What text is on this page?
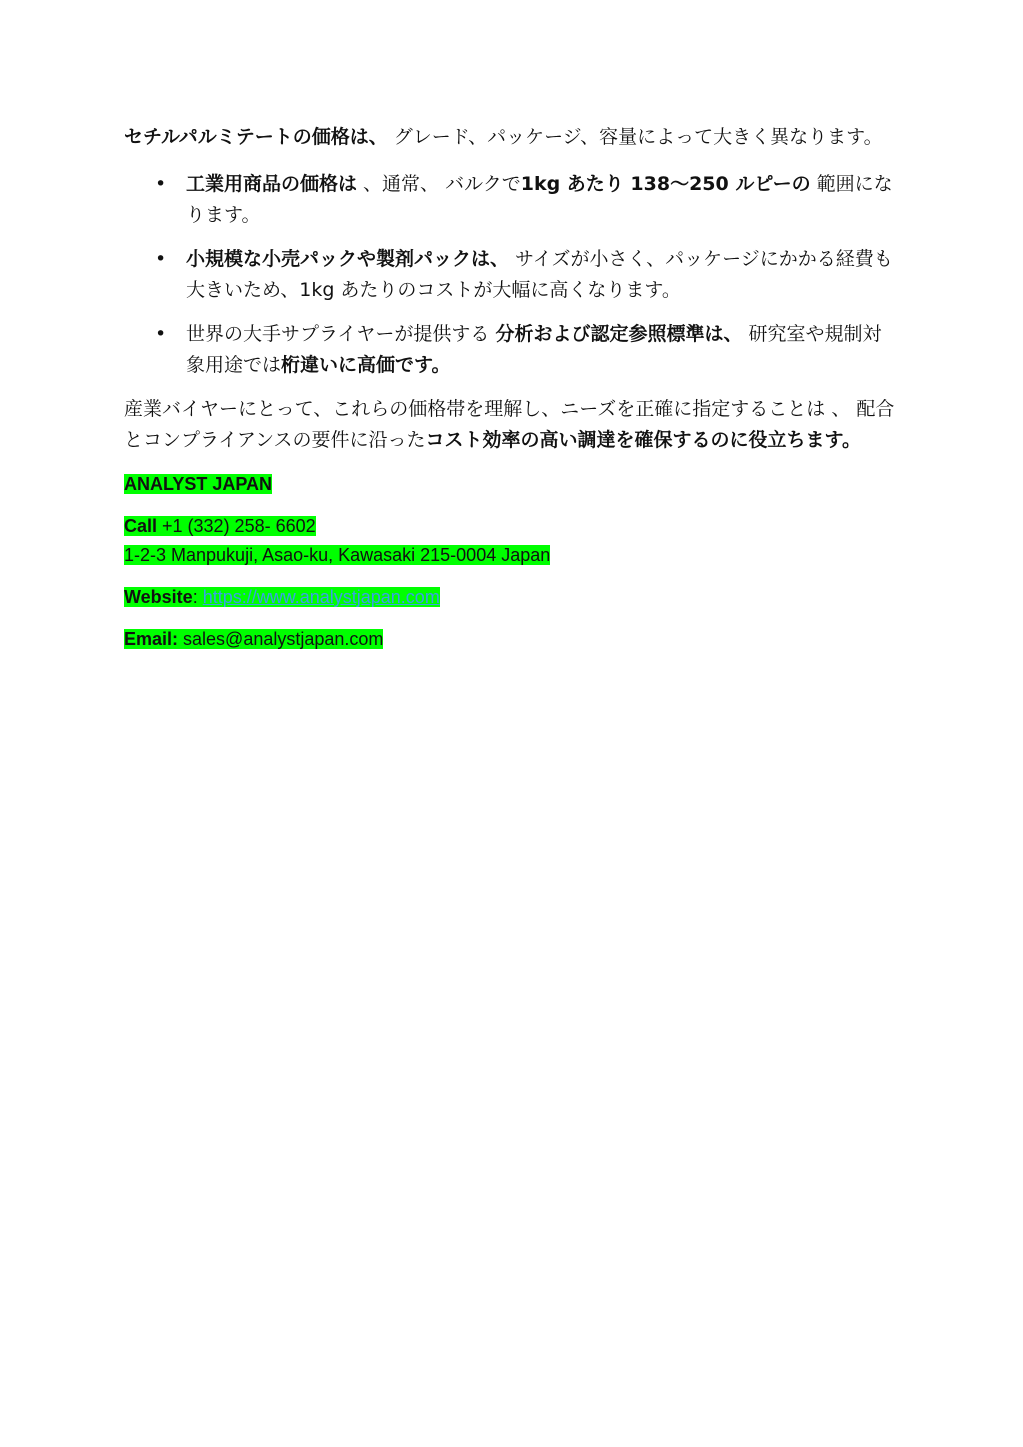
セチルパルミテートの価格は、 グレード、パッケージ、容量によって大きく異なります。

• 工業用商品の価格は 、通常、 バルクで1kg あたり 138〜250 ルピーの 範囲になります。
• 小規模な小売パックや製剤パックは、 サイズが小さく、パッケージにかかる経費も大きいため、1kg あたりのコストが大幅に高くなります。
• 世界の大手サプライヤーが提供する 分析および認定参照標準は、 研究室や規制対象用途では桁違いに高価です。

産業バイヤーにとって、これらの価格帯を理解し、ニーズを正確に指定することは 、 配合とコンプライアンスの要件に沿ったコスト効率の高い調達を確保するのに役立ちます。

ANALYST JAPAN

Call +1 (332) 258- 6602

1-2-3 Manpukuji, Asao-ku, Kawasaki 215-0004 Japan

Website: https://www.analystjapan.com

Email: sales@analystjapan.com
